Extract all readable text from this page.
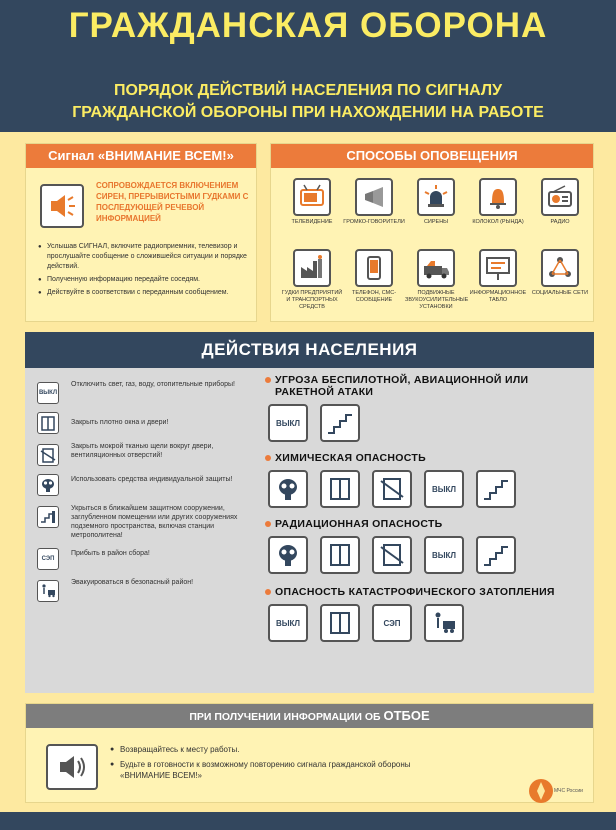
ГРАЖДАНСКАЯ ОБОРОНА
ПОРЯДОК ДЕЙСТВИЙ НАСЕЛЕНИЯ ПО СИГНАЛУ
ГРАЖДАНСКОЙ ОБОРОНЫ ПРИ НАХОЖДЕНИИ НА РАБОТЕ
Сигнал «ВНИМАНИЕ ВСЕМ!»
СОПРОВОЖДАЕТСЯ ВКЛЮЧЕНИЕМ СИРЕН, ПРЕРЫВИСТЫМИ ГУДКАМИ С ПОСЛЕДУЮЩЕЙ РЕЧЕВОЙ ИНФОРМАЦИЕЙ
● Услышав СИГНАЛ, включите радиоприемник, телевизор и прослушайте сообщение о сложившейся ситуации и порядке действий.
● Полученную информацию передайте соседям.
● Действуйте в соответствии с переданным сообщением.
СПОСОБЫ ОПОВЕЩЕНИЯ
ТЕЛЕВИДЕНИЕ	ГРОМКО-ГОВОРИТЕЛИ	СИРЕНЫ	КОЛОКОЛ (РЫНДА)	РАДИО
ГУДКИ ПРЕДПРИЯТИЙ И ТРАНСПОРТНЫХ СРЕДСТВ
ТЕЛЕФОН, СМС-СООБЩЕНИЕ
ПОДВИЖНЫЕ ЗВУКОУСИЛИТЕЛЬНЫЕ УСТАНОВКИ
ИНФОРМАЦИОННОЕ ТАБЛО
СОЦИАЛЬНЫЕ СЕТИ
ДЕЙСТВИЯ НАСЕЛЕНИЯ
ВЫКЛ
Отключить свет, газ, воду, отопительные приборы!
Закрыть плотно окна и двери!
Закрыть мокрой тканью щели вокруг двери, вентиляционных отверстий!
Использовать средства индивидуальной защиты!
Укрыться в ближайшем защитном сооружении, заглубленном помещении или других сооружениях подземного пространства, включая станции метрополитена!
СЭП
Прибыть в район сбора!
Эвакуироваться в безопасный район!
УГРОЗА БЕСПИЛОТНОЙ, АВИАЦИОННОЙ ИЛИ РАКЕТНОЙ АТАКИ
ВЫКЛ
ХИМИЧЕСКАЯ ОПАСНОСТЬ
ВЫКЛ
РАДИАЦИОННАЯ ОПАСНОСТЬ
ВЫКЛ
ОПАСНОСТЬ КАТАСТРОФИЧЕСКОГО ЗАТОПЛЕНИЯ
ВЫКЛ	СЭП
ПРИ ПОЛУЧЕНИИ ИНФОРМАЦИИ ОБ ОТБОЕ
● Возвращайтесь к месту работы.
● Будьте в готовности к возможному повторению сигнала гражданской обороны «ВНИМАНИЕ ВСЕМ!»
МЧС России
